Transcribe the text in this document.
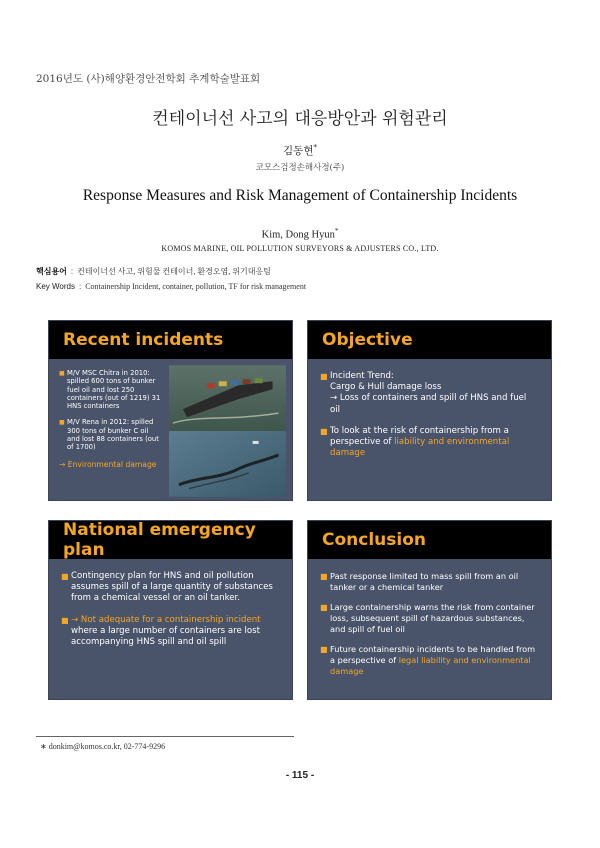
2016년도 (사)해양환경안전학회 추계학술발표회
컨테이너선 사고의 대응방안과 위험관리
김동현*
코모스검정손해사정(주)
Response Measures and Risk Management of Containership Incidents
Kim, Dong Hyun*
KOMOS MARINE, OIL POLLUTION SURVEYORS & ADJUSTERS CO., LTD.
핵심용어 : 컨테이너선 사고, 위험물 컨테이너, 환경오염, 위기대응팀
Key Words : Containership Incident, container, pollution, TF for risk management
Recent incidents
■ M/V MSC Chitra in 2010: spilled 600 tons of bunker fuel oil and lost 250 containers (out of 1219) 31 HNS containers
■ M/V Rena in 2012: spilled 300 tons of bunker C oil and lost 88 containers (out of 1700)
→ Environmental damage
Objective
■ Incident Trend:
Cargo & Hull damage loss
→ Loss of containers and spill of HNS and fuel oil
■ To look at the risk of containership from a perspective of liability and environmental damage
National emergency plan
■ Contingency plan for HNS and oil pollution assumes spill of a large quantity of substances from a chemical vessel or an oil tanker.
■ → Not adequate for a containership incident
where a large number of containers are lost accompanying HNS spill and oil spill
Conclusion
■ Past response limited to mass spill from an oil tanker or a chemical tanker
■ Large containership warns the risk from container loss, subsequent spill of hazardous substances, and spill of fuel oil
■ Future containership incidents to be handled from a perspective of legal liability and environmental damage
∗ donkim@komos.co.kr, 02-774-9296
- 115 -
